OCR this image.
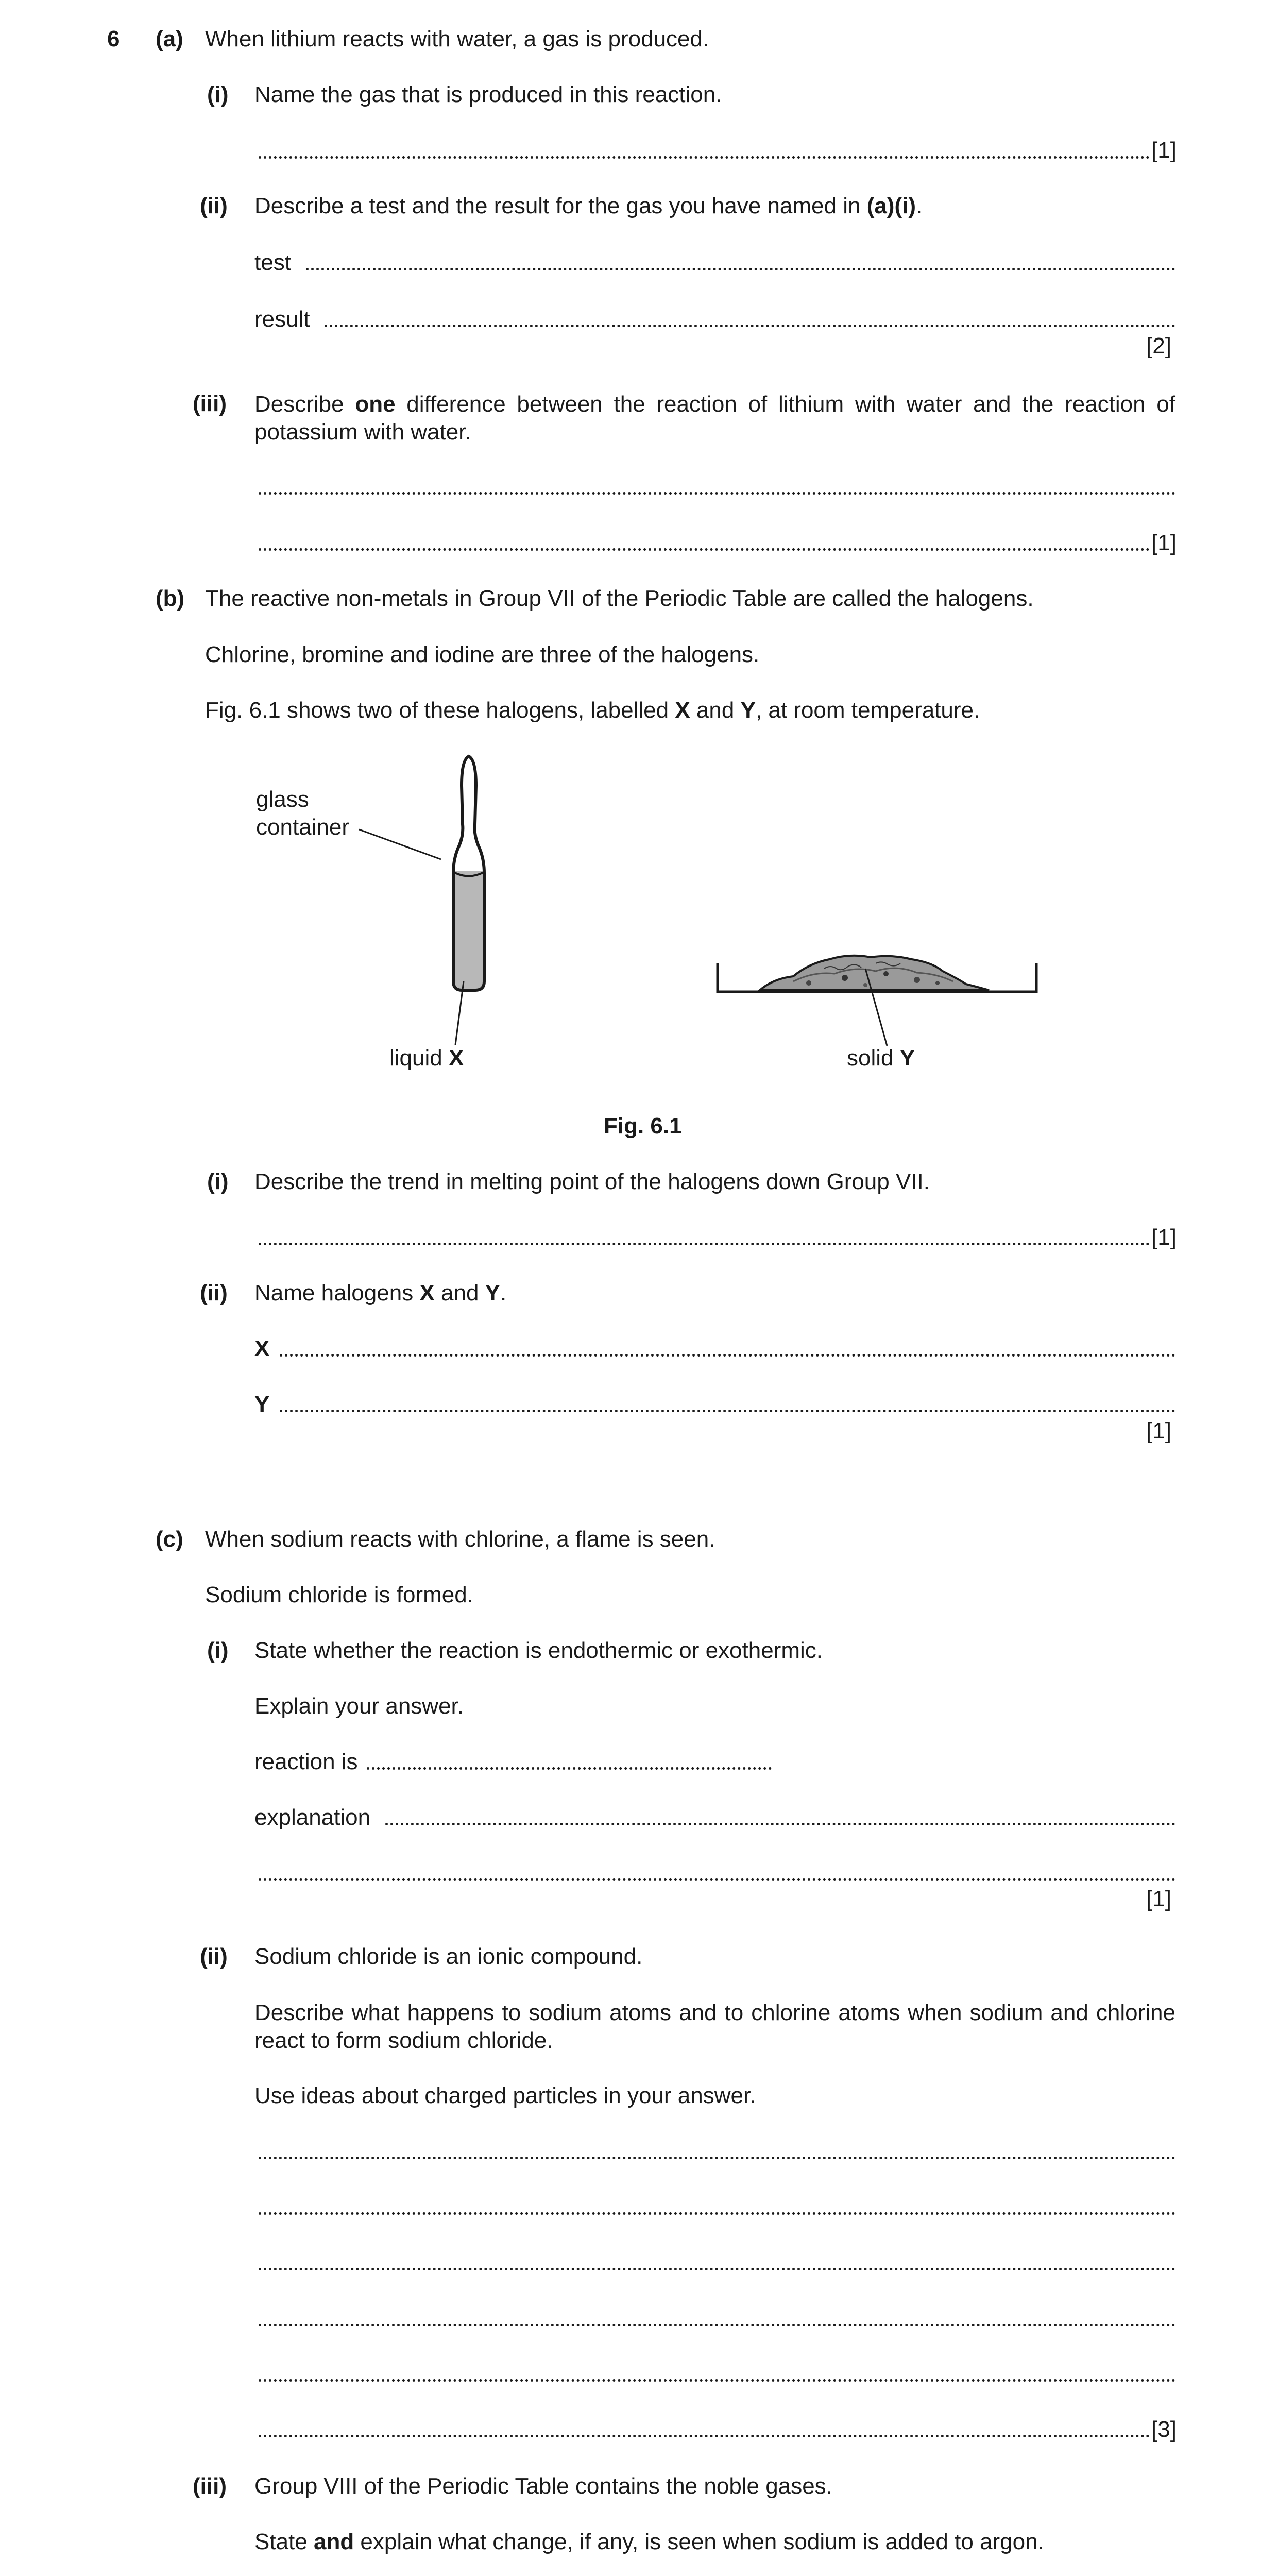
6 (a) When lithium reacts with water, a gas is produced.
(i) Name the gas that is produced in this reaction.
[1]
(ii) Describe a test and the result for the gas you have named in (a)(i).
test
result
[2]
(iii) Describe one difference between the reaction of lithium with water and the reaction of potassium with water.
[1]
(b) The reactive non-metals in Group VII of the Periodic Table are called the halogens.
Chlorine, bromine and iodine are three of the halogens.
Fig. 6.1 shows two of these halogens, labelled X and Y, at room temperature.
glass
container
liquid X	solid Y
Fig. 6.1
(i) Describe the trend in melting point of the halogens down Group VII.
[1]
(ii) Name halogens X and Y.
X
Y
[1]
(c) When sodium reacts with chlorine, a flame is seen.
Sodium chloride is formed.
(i) State whether the reaction is endothermic or exothermic.
Explain your answer.
reaction is
explanation
[1]
(ii) Sodium chloride is an ionic compound.
Describe what happens to sodium atoms and to chlorine atoms when sodium and chlorine react to form sodium chloride.
Use ideas about charged particles in your answer.
[3]
(iii) Group VIII of the Periodic Table contains the noble gases.
State and explain what change, if any, is seen when sodium is added to argon.
